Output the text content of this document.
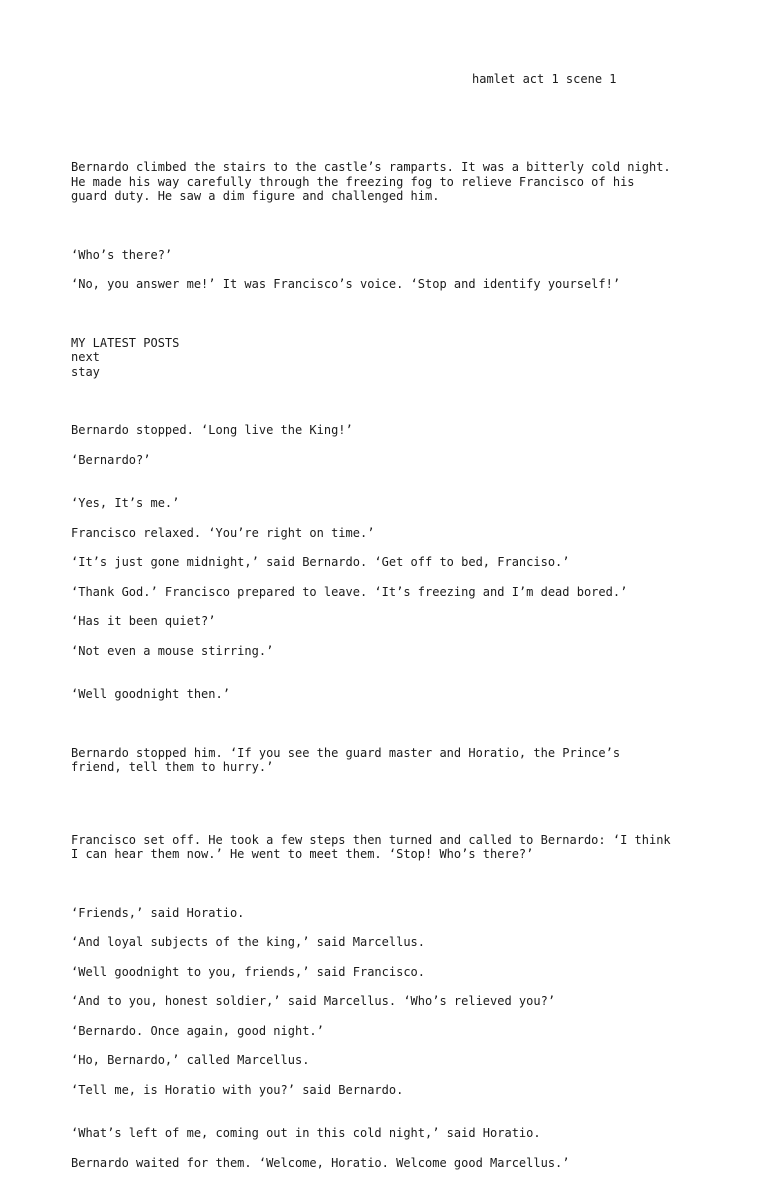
hamlet act 1 scene 1

Bernardo climbed the stairs to the castle’s ramparts. It was a bitterly cold night.
He made his way carefully through the freezing fog to relieve Francisco of his
guard duty. He saw a dim figure and challenged him.

‘Who’s there?’

‘No, you answer me!’ It was Francisco’s voice. ‘Stop and identify yourself!’

MY LATEST POSTS
next
stay

Bernardo stopped. ‘Long live the King!’

‘Bernardo?’

‘Yes, It’s me.’

Francisco relaxed. ‘You’re right on time.’

‘It’s just gone midnight,’ said Bernardo. ‘Get off to bed, Franciso.’

‘Thank God.’ Francisco prepared to leave. ‘It’s freezing and I’m dead bored.’

‘Has it been quiet?’

‘Not even a mouse stirring.’

‘Well goodnight then.’

Bernardo stopped him. ‘If you see the guard master and Horatio, the Prince’s
friend, tell them to hurry.’

Francisco set off. He took a few steps then turned and called to Bernardo: ‘I think
I can hear them now.’ He went to meet them. ‘Stop! Who’s there?’

‘Friends,’ said Horatio.

‘And loyal subjects of the king,’ said Marcellus.

‘Well goodnight to you, friends,’ said Francisco.

‘And to you, honest soldier,’ said Marcellus. ‘Who’s relieved you?’

‘Bernardo. Once again, good night.’

‘Ho, Bernardo,’ called Marcellus.

‘Tell me, is Horatio with you?’ said Bernardo.

‘What’s left of me, coming out in this cold night,’ said Horatio.

Bernardo waited for them. ‘Welcome, Horatio. Welcome good Marcellus.’
